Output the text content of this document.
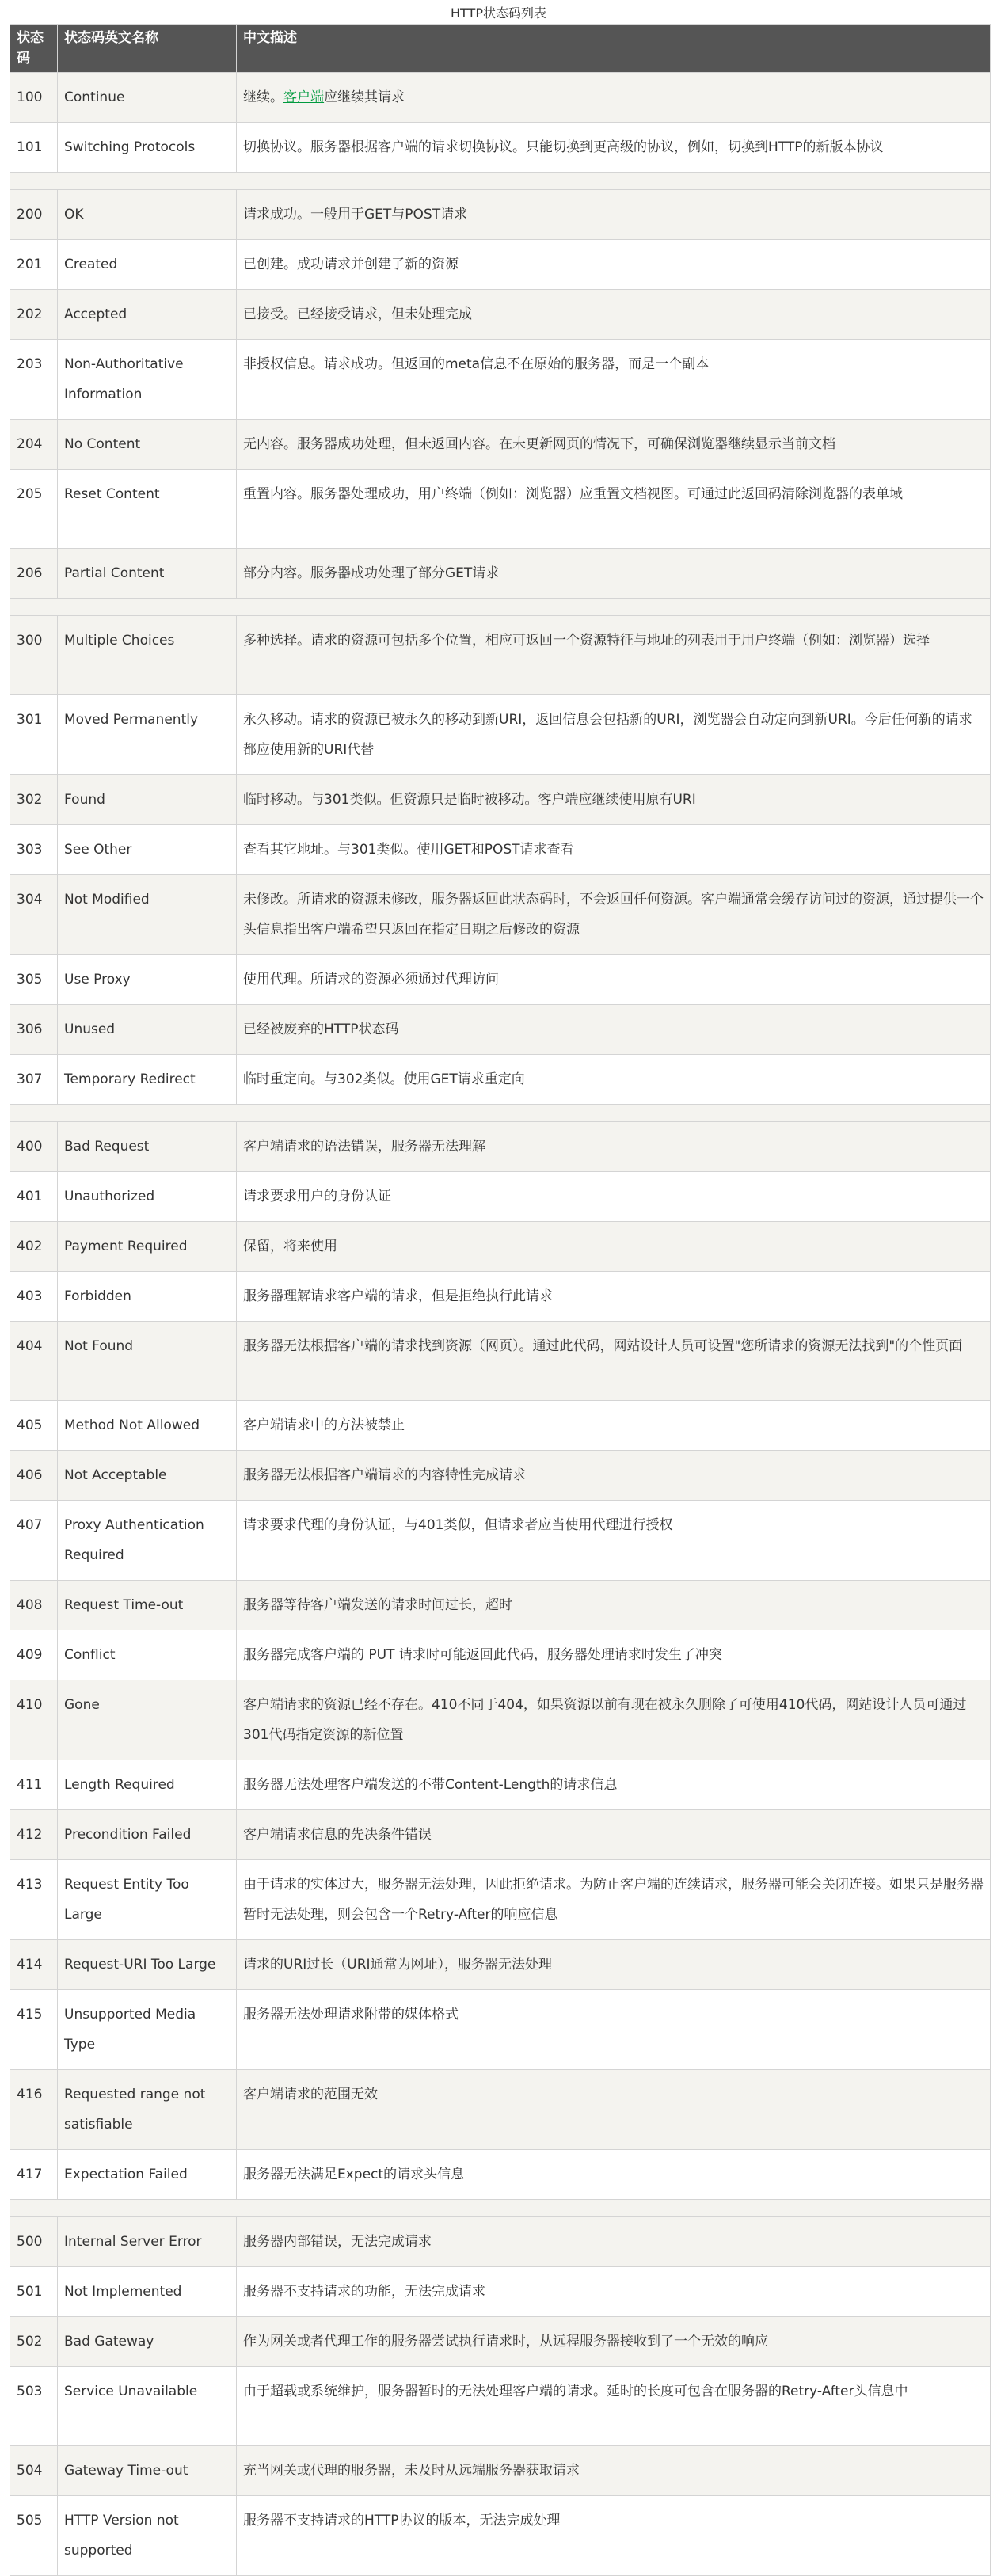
HTTP状态码列表
状态码	状态码英文名称	中文描述
100	Continue	继续。客户端应继续其请求
101	Switching Protocols	切换协议。服务器根据客户端的请求切换协议。只能切换到更高级的协议，例如，切换到HTTP的新版本协议

200	OK	请求成功。一般用于GET与POST请求
201	Created	已创建。成功请求并创建了新的资源
202	Accepted	已接受。已经接受请求，但未处理完成
203	Non-Authoritative Information	非授权信息。请求成功。但返回的meta信息不在原始的服务器，而是一个副本
204	No Content	无内容。服务器成功处理，但未返回内容。在未更新网页的情况下，可确保浏览器继续显示当前文档
205	Reset Content	重置内容。服务器处理成功，用户终端（例如：浏览器）应重置文档视图。可通过此返回码清除浏览器的表单域
206	Partial Content	部分内容。服务器成功处理了部分GET请求

300	Multiple Choices	多种选择。请求的资源可包括多个位置，相应可返回一个资源特征与地址的列表用于用户终端（例如：浏览器）选择
301	Moved Permanently	永久移动。请求的资源已被永久的移动到新URI，返回信息会包括新的URI，浏览器会自动定向到新URI。今后任何新的请求都应使用新的URI代替
302	Found	临时移动。与301类似。但资源只是临时被移动。客户端应继续使用原有URI
303	See Other	查看其它地址。与301类似。使用GET和POST请求查看
304	Not Modified	未修改。所请求的资源未修改，服务器返回此状态码时，不会返回任何资源。客户端通常会缓存访问过的资源，通过提供一个头信息指出客户端希望只返回在指定日期之后修改的资源
305	Use Proxy	使用代理。所请求的资源必须通过代理访问
306	Unused	已经被废弃的HTTP状态码
307	Temporary Redirect	临时重定向。与302类似。使用GET请求重定向

400	Bad Request	客户端请求的语法错误，服务器无法理解
401	Unauthorized	请求要求用户的身份认证
402	Payment Required	保留，将来使用
403	Forbidden	服务器理解请求客户端的请求，但是拒绝执行此请求
404	Not Found	服务器无法根据客户端的请求找到资源（网页）。通过此代码，网站设计人员可设置"您所请求的资源无法找到"的个性页面
405	Method Not Allowed	客户端请求中的方法被禁止
406	Not Acceptable	服务器无法根据客户端请求的内容特性完成请求
407	Proxy Authentication Required	请求要求代理的身份认证，与401类似，但请求者应当使用代理进行授权
408	Request Time-out	服务器等待客户端发送的请求时间过长，超时
409	Conflict	服务器完成客户端的 PUT 请求时可能返回此代码，服务器处理请求时发生了冲突
410	Gone	客户端请求的资源已经不存在。410不同于404，如果资源以前有现在被永久删除了可使用410代码，网站设计人员可通过301代码指定资源的新位置
411	Length Required	服务器无法处理客户端发送的不带Content-Length的请求信息
412	Precondition Failed	客户端请求信息的先决条件错误
413	Request Entity Too Large	由于请求的实体过大，服务器无法处理，因此拒绝请求。为防止客户端的连续请求，服务器可能会关闭连接。如果只是服务器暂时无法处理，则会包含一个Retry-After的响应信息
414	Request-URI Too Large	请求的URI过长（URI通常为网址），服务器无法处理
415	Unsupported Media Type	服务器无法处理请求附带的媒体格式
416	Requested range not satisfiable	客户端请求的范围无效
417	Expectation Failed	服务器无法满足Expect的请求头信息

500	Internal Server Error	服务器内部错误，无法完成请求
501	Not Implemented	服务器不支持请求的功能，无法完成请求
502	Bad Gateway	作为网关或者代理工作的服务器尝试执行请求时，从远程服务器接收到了一个无效的响应
503	Service Unavailable	由于超载或系统维护，服务器暂时的无法处理客户端的请求。延时的长度可包含在服务器的Retry-After头信息中
504	Gateway Time-out	充当网关或代理的服务器，未及时从远端服务器获取请求
505	HTTP Version not supported	服务器不支持请求的HTTP协议的版本，无法完成处理
